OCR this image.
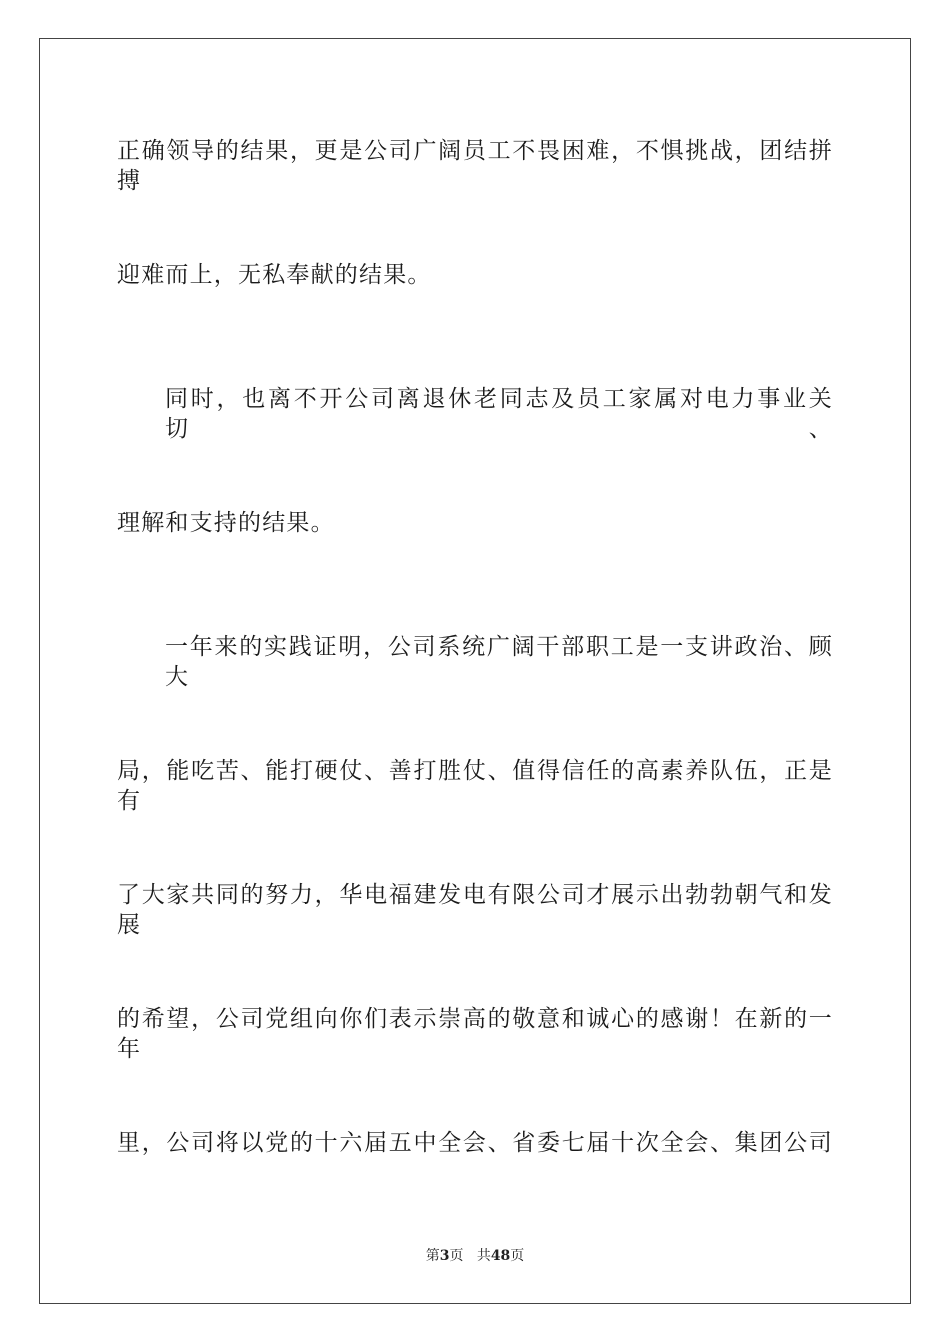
正确领导的结果，更是公司广阔员工不畏困难，不惧挑战，团结拼搏
迎难而上，无私奉献的结果。
同时，也离不开公司离退休老同志及员工家属对电力事业关切、
理解和支持的结果。
一年来的实践证明，公司系统广阔干部职工是一支讲政治、顾大
局，能吃苦、能打硬仗、善打胜仗、值得信任的高素养队伍，正是有
了大家共同的努力，华电福建发电有限公司才展示出勃勃朝气和发展
的希望，公司党组向你们表示崇高的敬意和诚心的感谢！在新的一年
里，公司将以党的十六届五中全会、省委七届十次全会、集团公司
第3页 共48页
